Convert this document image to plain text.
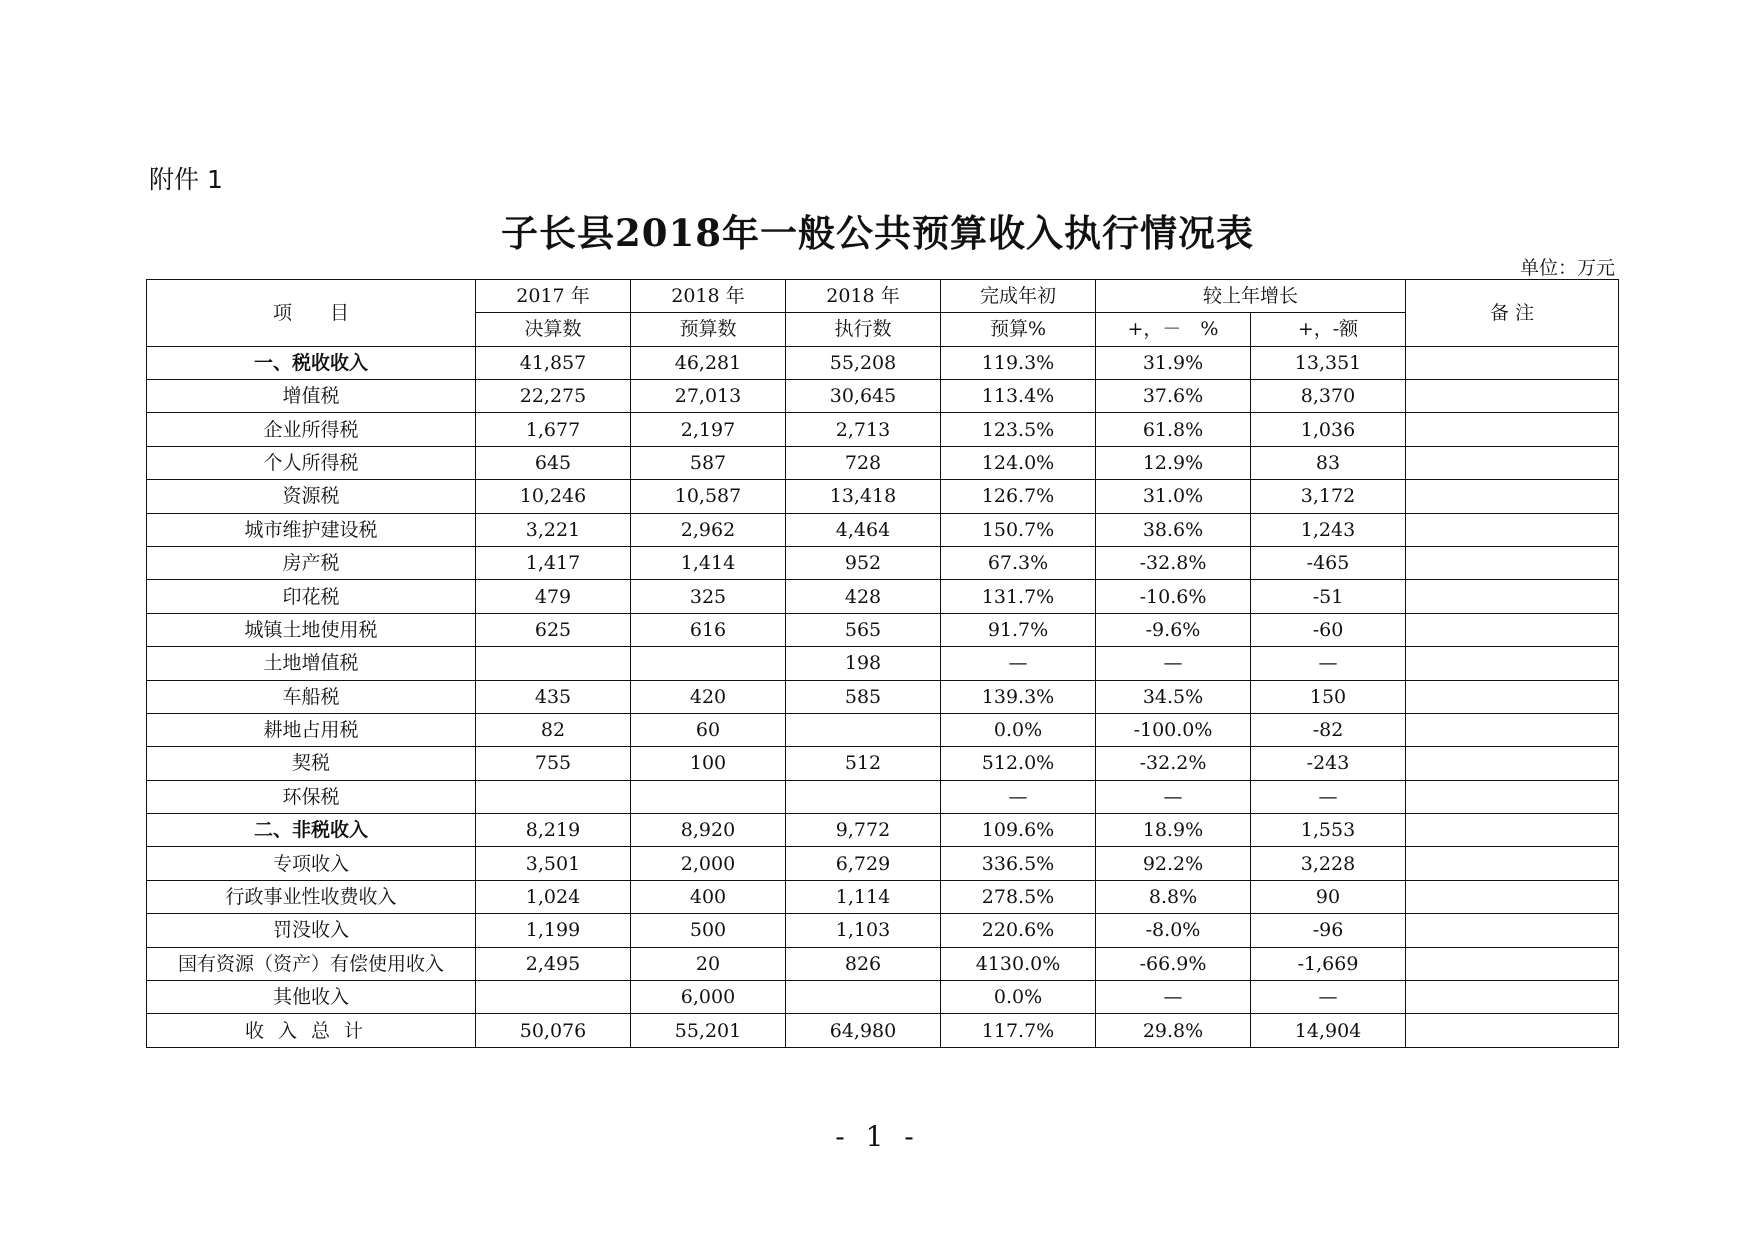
附件 1
子长县2018年一般公共预算收入执行情况表
单位：万元
项　　目	2017 年	2018 年	2018 年	完成年初	较上年增长		备 注
	决算数	预算数	执行数	预算%	+，－　%	+，-额	
一、税收收入	41,857	46,281	55,208	119.3%	31.9%	13,351	
增值税	22,275	27,013	30,645	113.4%	37.6%	8,370	
企业所得税	1,677	2,197	2,713	123.5%	61.8%	1,036	
个人所得税	645	587	728	124.0%	12.9%	83	
资源税	10,246	10,587	13,418	126.7%	31.0%	3,172	
城市维护建设税	3,221	2,962	4,464	150.7%	38.6%	1,243	
房产税	1,417	1,414	952	67.3%	-32.8%	-465	
印花税	479	325	428	131.7%	-10.6%	-51	
城镇土地使用税	625	616	565	91.7%	-9.6%	-60	
土地增值税			198	—	—	—	
车船税	435	420	585	139.3%	34.5%	150	
耕地占用税	82	60		0.0%	-100.0%	-82	
契税	755	100	512	512.0%	-32.2%	-243	
环保税				—	—	—	
二、非税收入	8,219	8,920	9,772	109.6%	18.9%	1,553	
专项收入	3,501	2,000	6,729	336.5%	92.2%	3,228	
行政事业性收费收入	1,024	400	1,114	278.5%	8.8%	90	
罚没收入	1,199	500	1,103	220.6%	-8.0%	-96	
国有资源（资产）有偿使用收入	2,495	20	826	4130.0%	-66.9%	-1,669	
其他收入		6,000		0.0%	—	—	
收入总计	50,076	55,201	64,980	117.7%	29.8%	14,904	
- 1 -
